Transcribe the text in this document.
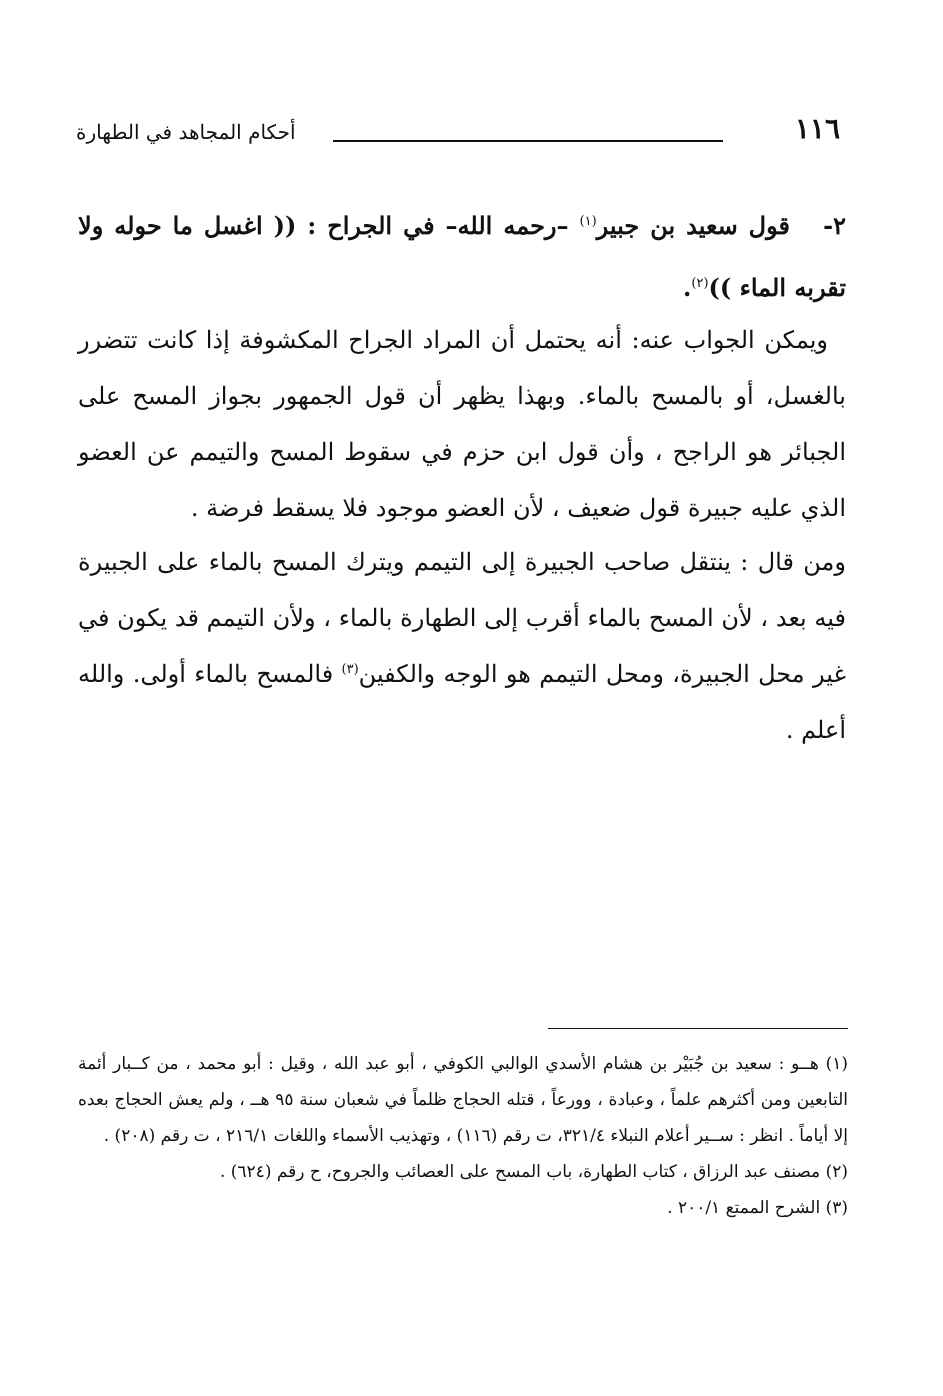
١١٦
أحكام المجاهد في الطهارة
٢-قول سعيد بن جبير$^{(١)}$ –رحمه الله– في الجراح : (( اغسل ما حوله ولا تقربه الماء ))$^{(٢)}$.
ويمكن الجواب عنه: أنه يحتمل أن المراد الجراح المكشوفة إذا كانت تتضرر بالغسل، أو بالمسح بالماء. وبهذا يظهر أن قول الجمهور بجواز المسح على الجبائر هو الراجح ، وأن قول ابن حزم في سقوط المسح والتيمم عن العضو الذي عليه جبيرة قول ضعيف ، لأن العضو موجود فلا يسقط فرضة .
ومن قال : ينتقل صاحب الجبيرة إلى التيمم ويترك المسح بالماء على الجبيرة فيه بعد ، لأن المسح بالماء أقرب إلى الطهارة بالماء ، ولأن التيمم قد يكون في غير محل الجبيرة، ومحل التيمم هو الوجه والكفين$^{(٣)}$ فالمسح بالماء أولى. والله أعلم .
(١) هــو : سعيد بن جُبَيْر بن هشام الأسدي الوالبي الكوفي ، أبو عبد الله ، وقيل : أبو محمد ، من كــبار أئمة التابعين ومن أكثرهم علماً ، وعبادة ، وورعاً ، قتله الحجاج ظلماً في شعبان سنة ٩٥ هــ ، ولم يعش الحجاج بعده إلا أياماً . انظر : ســير أعلام النبلاء ٣٢١/٤، ت رقم (١١٦) ، وتهذيب الأسماء واللغات ٢١٦/١ ، ت رقم (٢٠٨) .
(٢) مصنف عبد الرزاق ، كتاب الطهارة، باب المسح على العصائب والجروح، ح رقم (٦٢٤) .
(٣) الشرح الممتع ٢٠٠/١ .
